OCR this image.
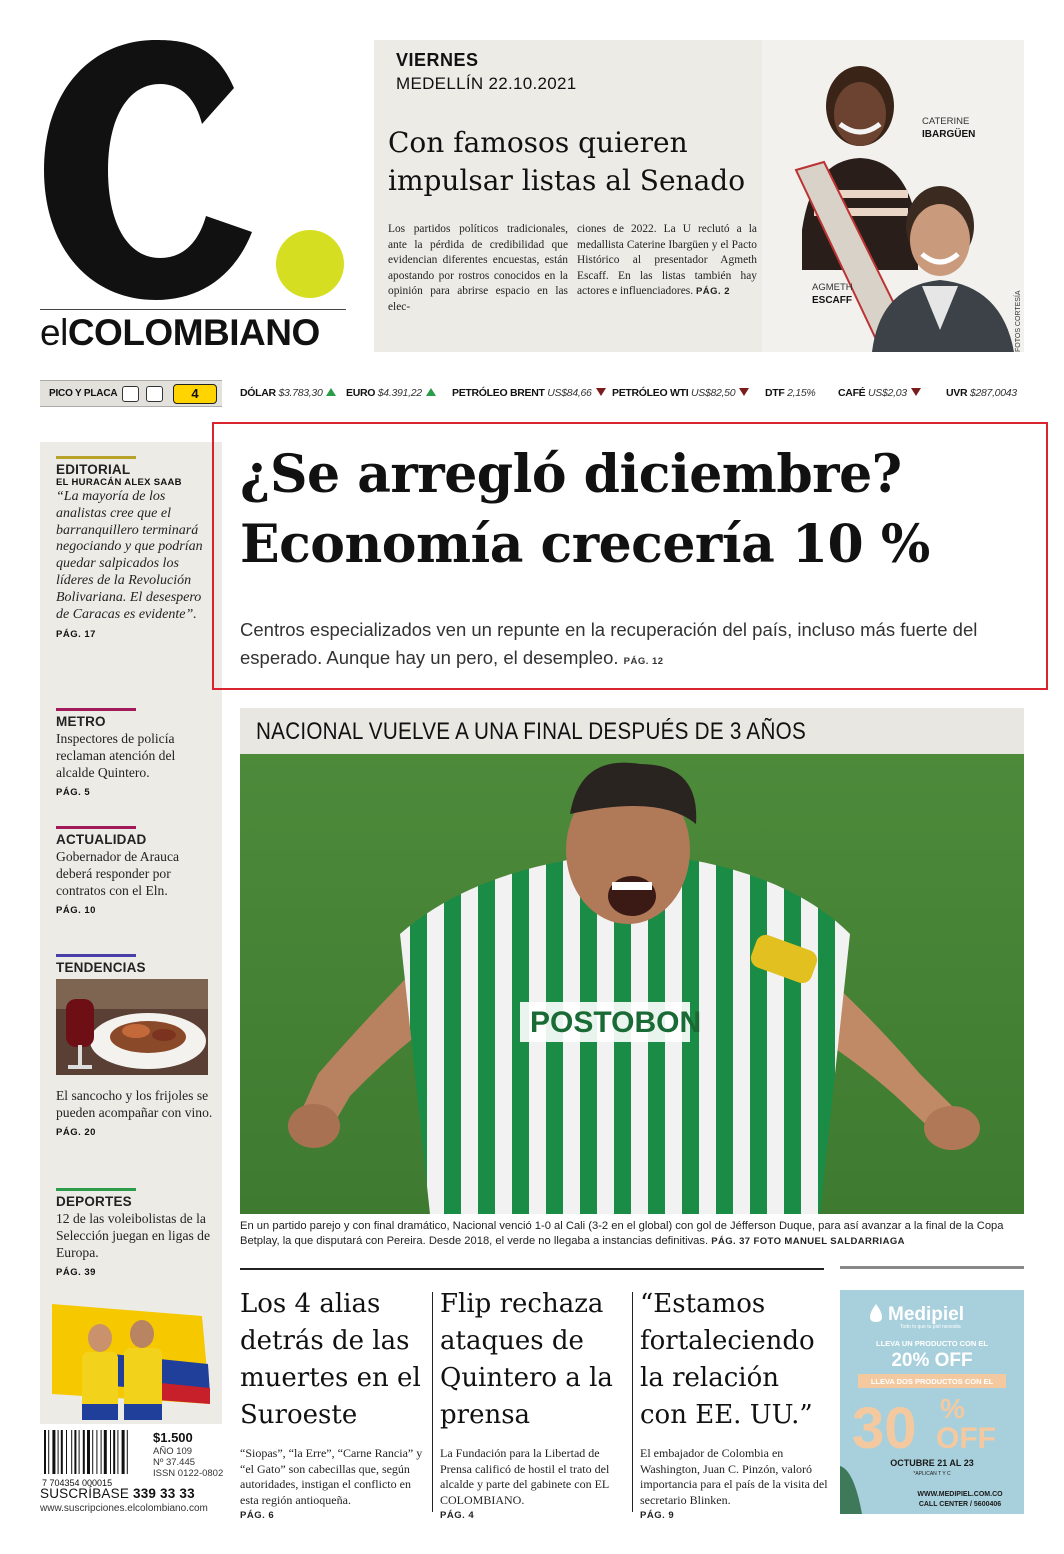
elCOLOMBIANO
VIERNES
MEDELLÍN 22.10.2021
Con famosos quieren impulsar listas al Senado
Los partidos políticos tradicionales, ante la pérdida de credibilidad que evidencian diferentes encuestas, están apostando por rostros conocidos en la opinión para abrirse espacio en las elec-
ciones de 2022. La U reclutó a la medallista Caterine Ibargüen y el Pacto Histórico al presentador Agmeth Escaff. En las listas también hay actores e influenciadores. PÁG. 2
CATERINE
IBARGÜEN
AGMETH
ESCAFF	FOTOS CORTESÍA
PICO Y PLACA	4	DÓLAR $3.783,30	EURO $4.391,22	PETRÓLEO BRENT US$84,66	PETRÓLEO WTI US$82,50	DTF 2,15% CAFÉ US$2,03	UVR $287,0043
EDITORIAL
EL HURACÁN ALEX SAAB
“La mayoría de los analistas cree que el barranquillero terminará negociando y que podrían quedar salpicados los líderes de la Revolución Bolivariana. El desespero de Caracas es evidente”.
PÁG. 17
METRO
Inspectores de policía reclaman atención del alcalde Quintero.
PÁG. 5
ACTUALIDAD
Gobernador de Arauca deberá responder por contratos con el Eln.
PÁG. 10
TENDENCIAS
El sancocho y los frijoles se pueden acompañar con vino.
PÁG. 20
DEPORTES
12 de las voleibolistas de la Selección juegan en ligas de Europa.
PÁG. 39
¿Se arregló diciembre?
Economía crecería 10 %
Centros especializados ven un repunte en la recuperación del país, incluso más fuerte del esperado. Aunque hay un pero, el desempleo. PÁG. 12
NACIONAL VUELVE A UNA FINAL DESPUÉS DE 3 AÑOS
POSTOBON
En un partido parejo y con final dramático, Nacional venció 1-0 al Cali (3-2 en el global) con gol de Jéfferson Duque, para así avanzar a la final de la Copa Betplay, la que disputará con Pereira. Desde 2018, el verde no llegaba a instancias definitivas. PÁG. 37 FOTO MANUEL SALDARRIAGA
Los 4 alias detrás de las muertes en el Suroeste
“Siopas”, “la Erre”, “Carne Rancia” y “el Gato” son cabecillas que, según autoridades, instigan el conflicto en esta región antioqueña.
PÁG. 6
Flip rechaza ataques de Quintero a la prensa
La Fundación para la Libertad de Prensa calificó de hostil el trato del alcalde y parte del gabinete con EL COLOMBIANO.
PÁG. 4
“Estamos fortaleciendo la relación con EE. UU.”
El embajador de Colombia en Washington, Juan C. Pinzón, valoró importancia para el país de la visita del secretario Blinken.
PÁG. 9
Medipiel
Todo lo que tu piel necesita
LLEVA UN PRODUCTO CON EL
20% OFF
LLEVA DOS PRODUCTOS CON EL
30 %
OFF
OCTUBRE 21 AL 23
*APLICAN T Y C
WWW.MEDIPIEL.COM.CO
CALL CENTER / 5600406
7 704354 000015
$1.500
AÑO 109
Nº 37.445
ISSN 0122-0802
SUSCRÍBASE 339 33 33
www.suscripciones.elcolombiano.com
